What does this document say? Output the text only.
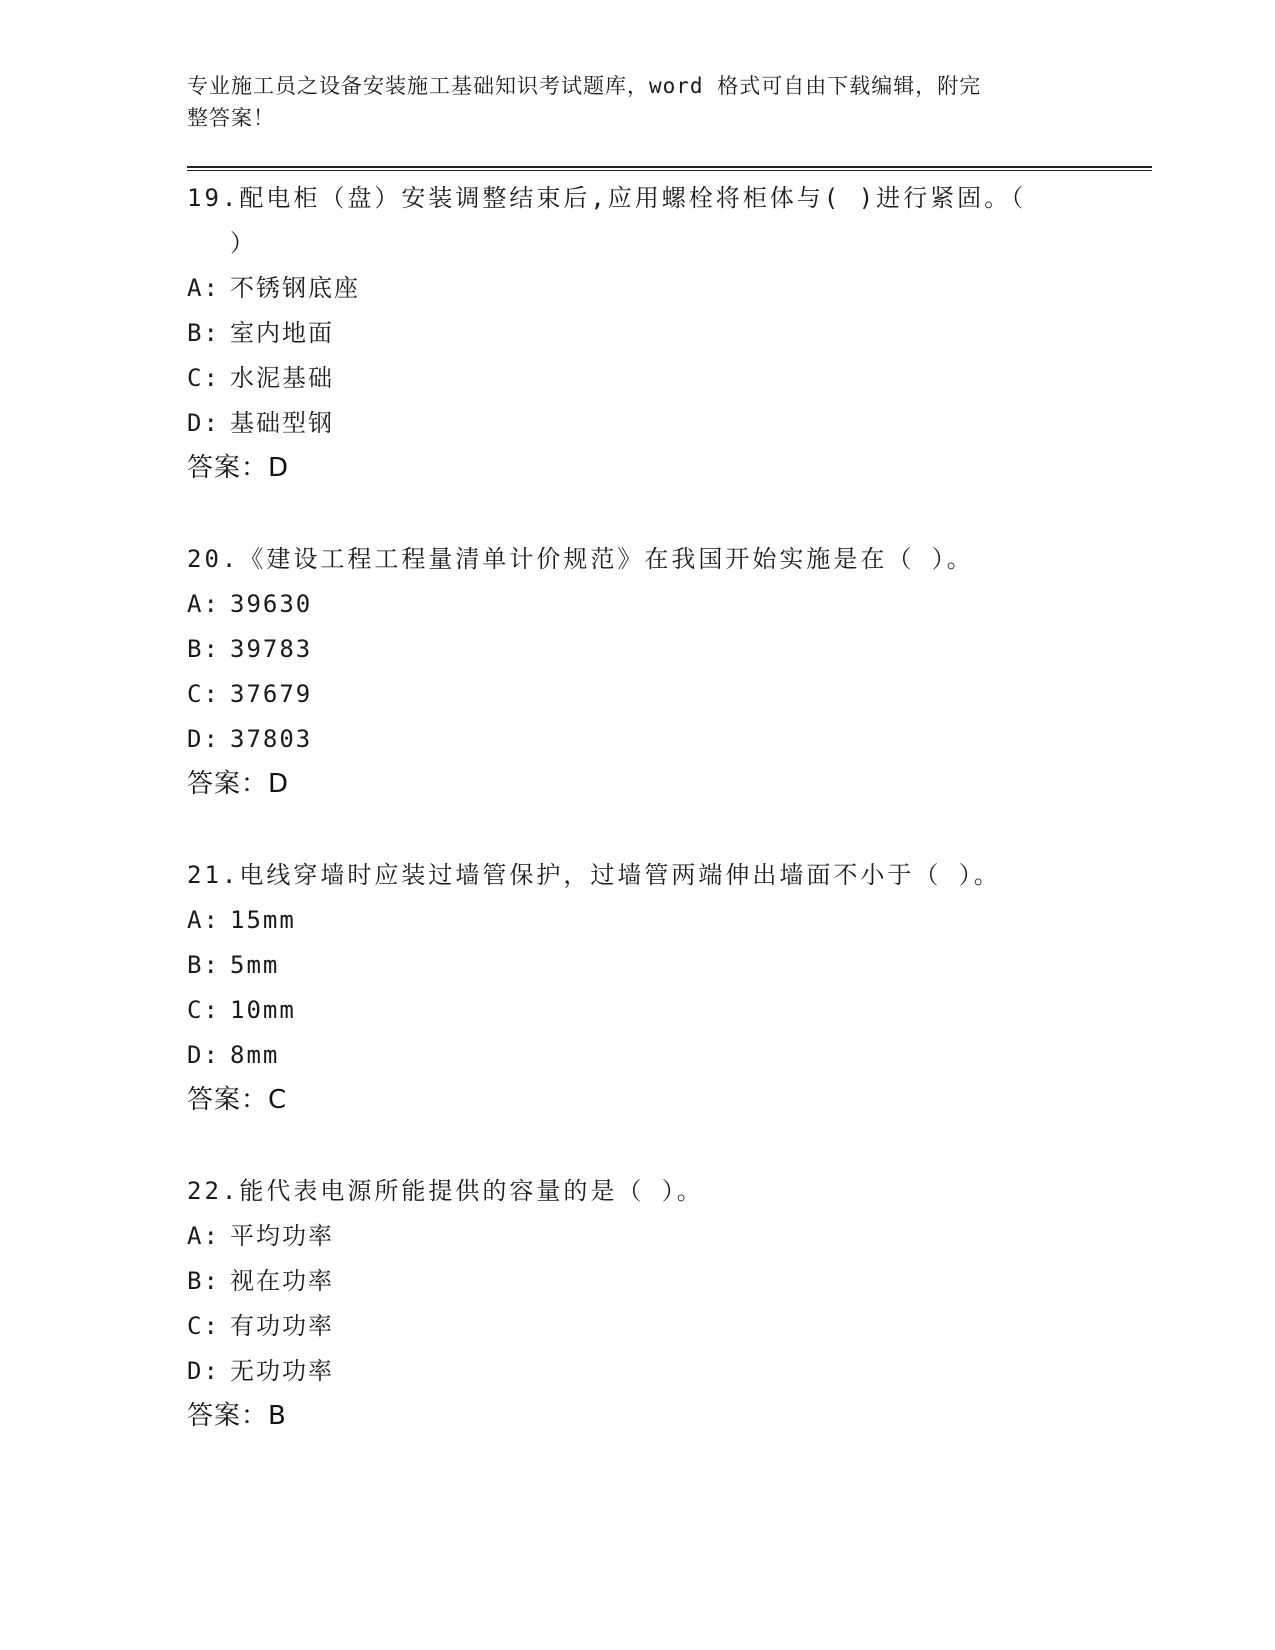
专业施工员之设备安装施工基础知识考试题库，word 格式可自由下载编辑，附完
整答案！
19.配电柜（盘）安装调整结束后,应用螺栓将柜体与( )进行紧固。（
）
A: 不锈钢底座
B: 室内地面
C: 水泥基础
D: 基础型钢
答案：D
20.《建设工程工程量清单计价规范》在我国开始实施是在（ ）。
A: 39630
B: 39783
C: 37679
D: 37803
答案：D
21.电线穿墙时应装过墙管保护，过墙管两端伸出墙面不小于（ ）。
A: 15mm
B: 5mm
C: 10mm
D: 8mm
答案：C
22.能代表电源所能提供的容量的是（ ）。
A: 平均功率
B: 视在功率
C: 有功功率
D: 无功功率
答案：B
